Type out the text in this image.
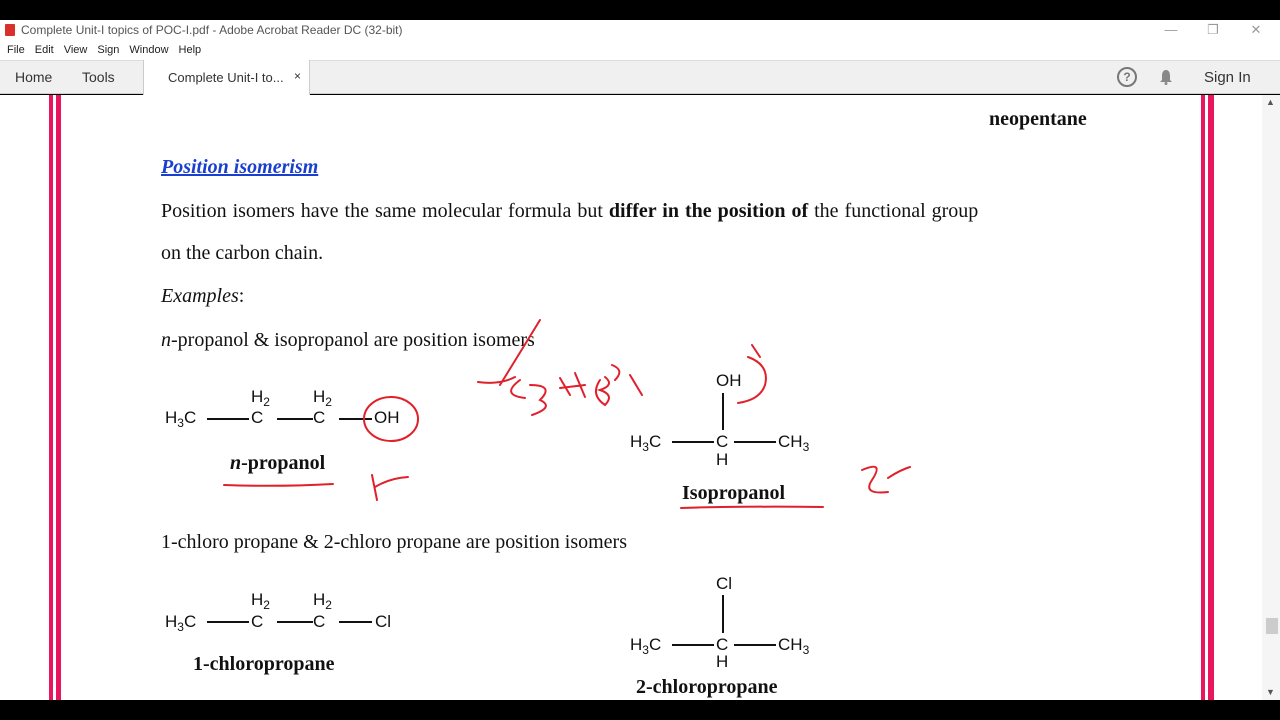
Complete Unit-I topics of POC-I.pdf - Adobe Acrobat Reader DC (32-bit)	—	❐	✕
File Edit View Sign Window Help
Home Tools	Complete Unit-I to... ×	?	Sign In
neopentane
Position isomerism
Position isomers have the same molecular formula but differ in the position of the functional group
on the carbon chain.
Examples:
n-propanol & isopropanol are position isomers
$H_3C$	C
$H_2$
C
$H_2$
OH
n-propanol
OH
$H_3C$	C
H
$CH_3$
Isopropanol
1-chloro propane & 2-chloro propane are position isomers
$H_3C$	C
$H_2$
C
$H_2$
Cl
1-chloropropane
Cl
$H_3C$	C
H
$CH_3$
2-chloropropane
▲
▼
